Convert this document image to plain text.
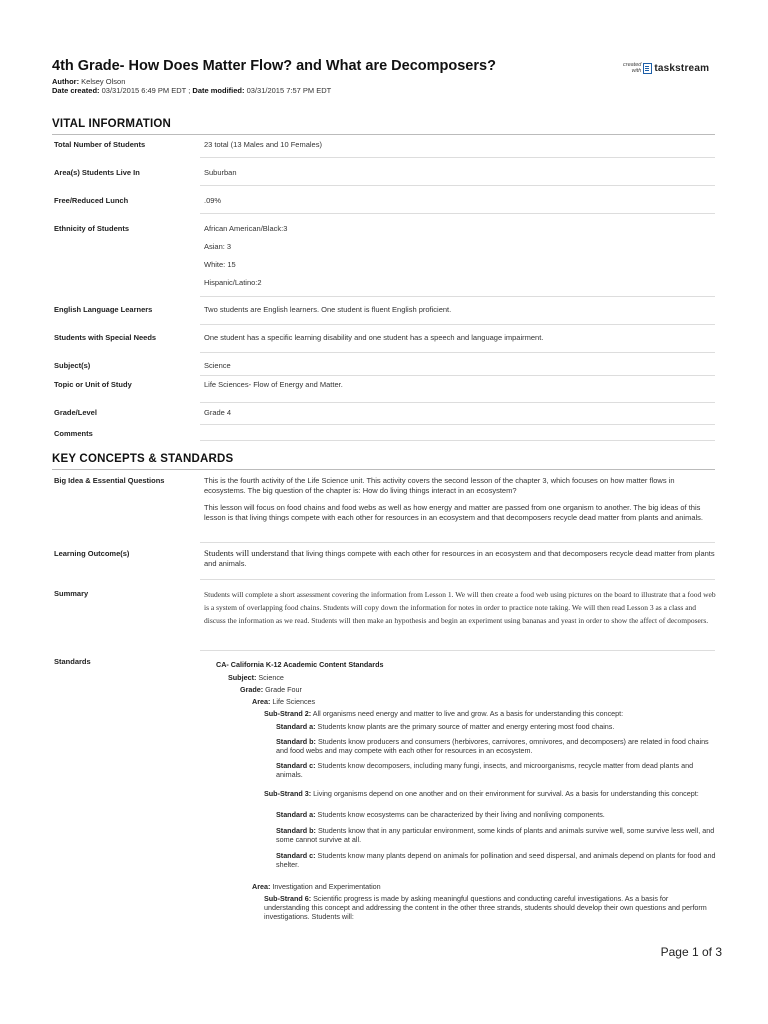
4th Grade- How Does Matter Flow? and What are Decomposers?
Author: Kelsey Olson
Date created: 03/31/2015 6:49 PM EDT ; Date modified: 03/31/2015 7:57 PM EDT
created
with taskstream
VITAL INFORMATION
Total Number of Students	23 total (13 Males and 10 Females)
Area(s) Students Live In	Suburban
Free/Reduced Lunch	.09%
Ethnicity of Students	African American/Black:3
Asian: 3
White: 15
Hispanic/Latino:2
English Language Learners	Two students are English learners. One student is fluent English proficient.
Students with Special Needs	One student has a specific learning disability and one student has a speech and language impairment.
Subject(s)	Science
Topic or Unit of Study	Life Sciences- Flow of Energy and Matter.
Grade/Level	Grade 4
Comments
KEY CONCEPTS & STANDARDS
Big Idea & Essential Questions	This is the fourth activity of the Life Science unit. This activity covers the second lesson of the chapter 3, which focuses on how matter flows in ecosystems. The big question of the chapter is: How do living things interact in an ecosystem?
This lesson will focus on food chains and food webs as well as how energy and matter are passed from one organism to another. The big ideas of this lesson is that living things compete with each other for resources in an ecosystem and that decomposers recycle dead matter from plants and animals.
Learning Outcome(s)	Students will understand that living things compete with each other for resources in an ecosystem and that decomposers recycle dead matter from plants and animals.
Summary	Students will complete a short assessment covering the information from Lesson 1. We will then create a food web using pictures on the board to illustrate that a food web is a system of overlapping food chains. Students will copy down the information for notes in order to practice note taking. We will then read Lesson 3 as a class and discuss the information as we read. Students will then make an hypothesis and begin an experiment using bananas and yeast in order to show the affect of decomposers.
Standards	CA- California K-12 Academic Content Standards
Subject: Science
Grade: Grade Four
Area: Life Sciences
Sub-Strand 2: All organisms need energy and matter to live and grow. As a basis for understanding this concept:
Standard a: Students know plants are the primary source of matter and energy entering most food chains.
Standard b: Students know producers and consumers (herbivores, carnivores, omnivores, and decomposers) are related in food chains and food webs and may compete with each other for resources in an ecosystem.
Standard c: Students know decomposers, including many fungi, insects, and microorganisms, recycle matter from dead plants and animals.
Sub-Strand 3: Living organisms depend on one another and on their environment for survival. As a basis for understanding this concept:
Standard a: Students know ecosystems can be characterized by their living and nonliving components.
Standard b: Students know that in any particular environment, some kinds of plants and animals survive well, some survive less well, and some cannot survive at all.
Standard c: Students know many plants depend on animals for pollination and seed dispersal, and animals depend on plants for food and shelter.
Area: Investigation and Experimentation
Sub-Strand 6: Scientific progress is made by asking meaningful questions and conducting careful investigations. As a basis for understanding this concept and addressing the content in the other three strands, students should develop their own questions and perform investigations. Students will:
Page 1 of 3
